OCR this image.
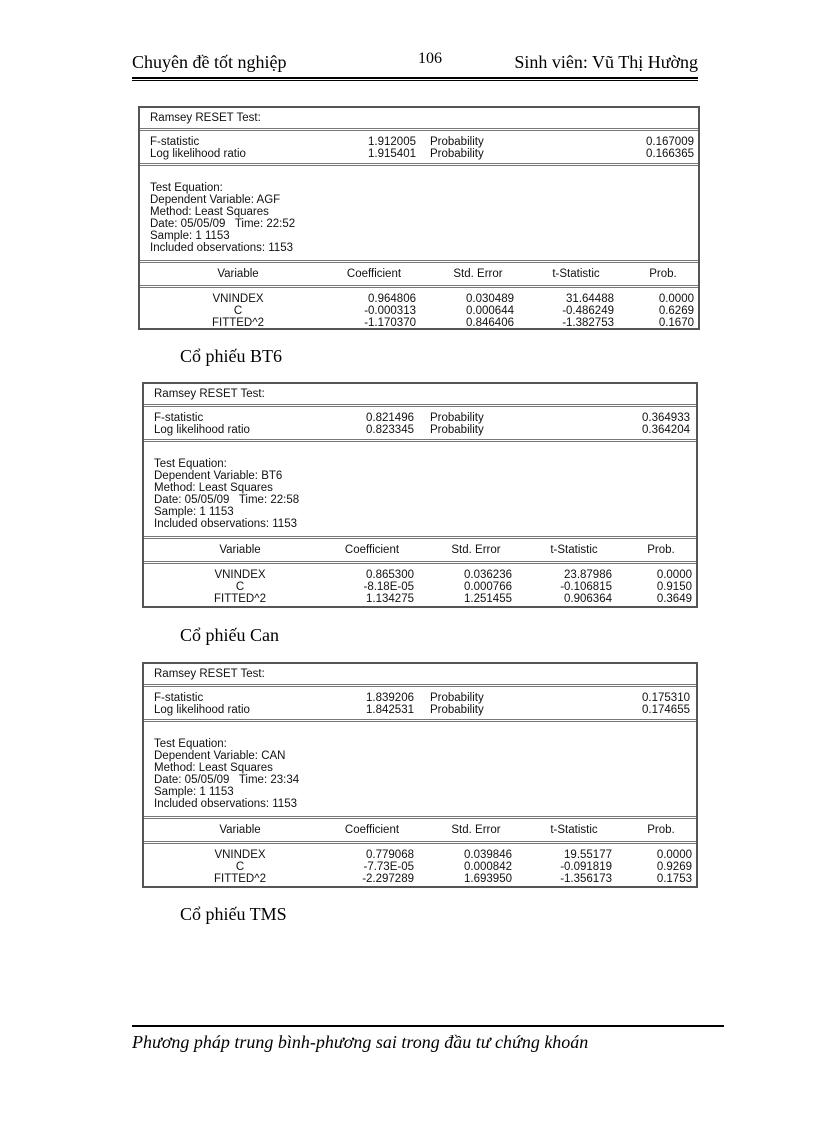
Chuyên đề tốt nghiệp	106	Sinh viên: Vũ Thị Hường
Ramsey RESET Test:
F-statistic	1.912005 Probability	0.167009
Log likelihood ratio	1.915401 Probability	0.166365
Test Equation:
Dependent Variable: AGF
Method: Least Squares
Date: 05/05/09   Time: 22:52
Sample: 1 1153
Included observations: 1153
Variable	Coefficient	Std. Error	t-Statistic	Prob.
VNINDEX	0.964806	0.030489	31.64488	0.0000
C	-0.000313	0.000644	-0.486249	0.6269
FITTED^2	-1.170370	0.846406	-1.382753	0.1670
Cổ phiếu BT6
Ramsey RESET Test:
F-statistic	0.821496 Probability	0.364933
Log likelihood ratio	0.823345 Probability	0.364204
Test Equation:
Dependent Variable: BT6
Method: Least Squares
Date: 05/05/09   Time: 22:58
Sample: 1 1153
Included observations: 1153
Variable	Coefficient	Std. Error	t-Statistic	Prob.
VNINDEX	0.865300	0.036236	23.87986	0.0000
C	-8.18E-05	0.000766	-0.106815	0.9150
FITTED^2	1.134275	1.251455	0.906364	0.3649
Cổ phiếu Can
Ramsey RESET Test:
F-statistic	1.839206 Probability	0.175310
Log likelihood ratio	1.842531 Probability	0.174655
Test Equation:
Dependent Variable: CAN
Method: Least Squares
Date: 05/05/09   Time: 23:34
Sample: 1 1153
Included observations: 1153
Variable	Coefficient	Std. Error	t-Statistic	Prob.
VNINDEX	0.779068	0.039846	19.55177	0.0000
C	-7.73E-05	0.000842	-0.091819	0.9269
FITTED^2	-2.297289	1.693950	-1.356173	0.1753
Cổ phiếu TMS
Phương pháp trung bình-phương sai trong đầu tư chứng khoán
